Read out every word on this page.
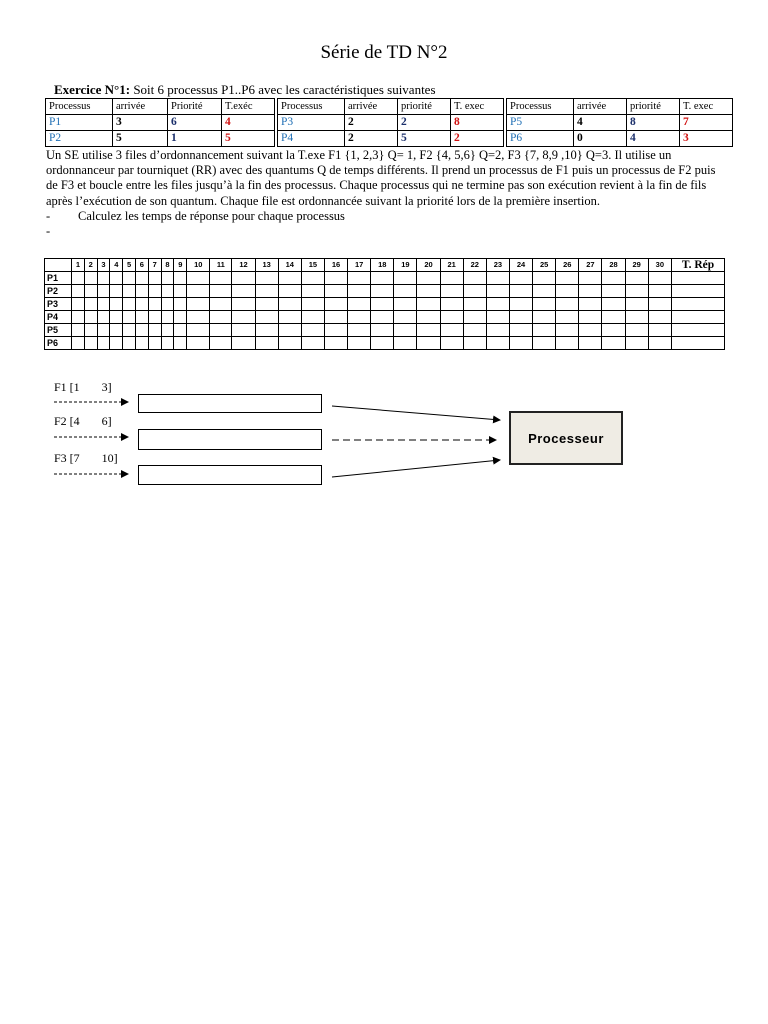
Série de TD N°2
Exercice N°1: Soit 6 processus P1..P6 avec les caractéristiques suivantes
Processus	arrivée	Priorité	T.exéc	Processus	arrivée	priorité	T. exec	Processus	arrivée	priorité	T. exec
P1	3	6	4	P3	2	2	8	P5	4	8	7
P2	5	1	5	P4	2	5	2	P6	0	4	3

Un SE utilise 3 files d’ordonnancement suivant la T.exe F1 {1, 2,3} Q= 1, F2 {4, 5,6} Q=2, F3 {7, 8,9 ,10} Q=3. Il utilise un ordonnanceur par tourniquet (RR) avec des quantums Q de temps différents. Il prend un processus de F1 puis un processus de F2 puis de F3 et boucle entre les files jusqu’à la fin des processus. Chaque processus qui ne termine pas son exécution revient à la fin de fils après l’exécution de son quantum. Chaque file est ordonnancée suivant la priorité lors de la première insertion.

- Calculez les temps de réponse pour chaque processus
-
	1	2	3	4	5	6	7	8	9	10	11	12	13	14	15	16	17	18	19	20	21	22	23	24	25	26	27	28	29	30	T. Rép
P1																															
P2																															
P3																															
P4																															
P5																															
P6																															
F1 [1 3]
F2 [4 6]
F3 [7 10]
Processeur
